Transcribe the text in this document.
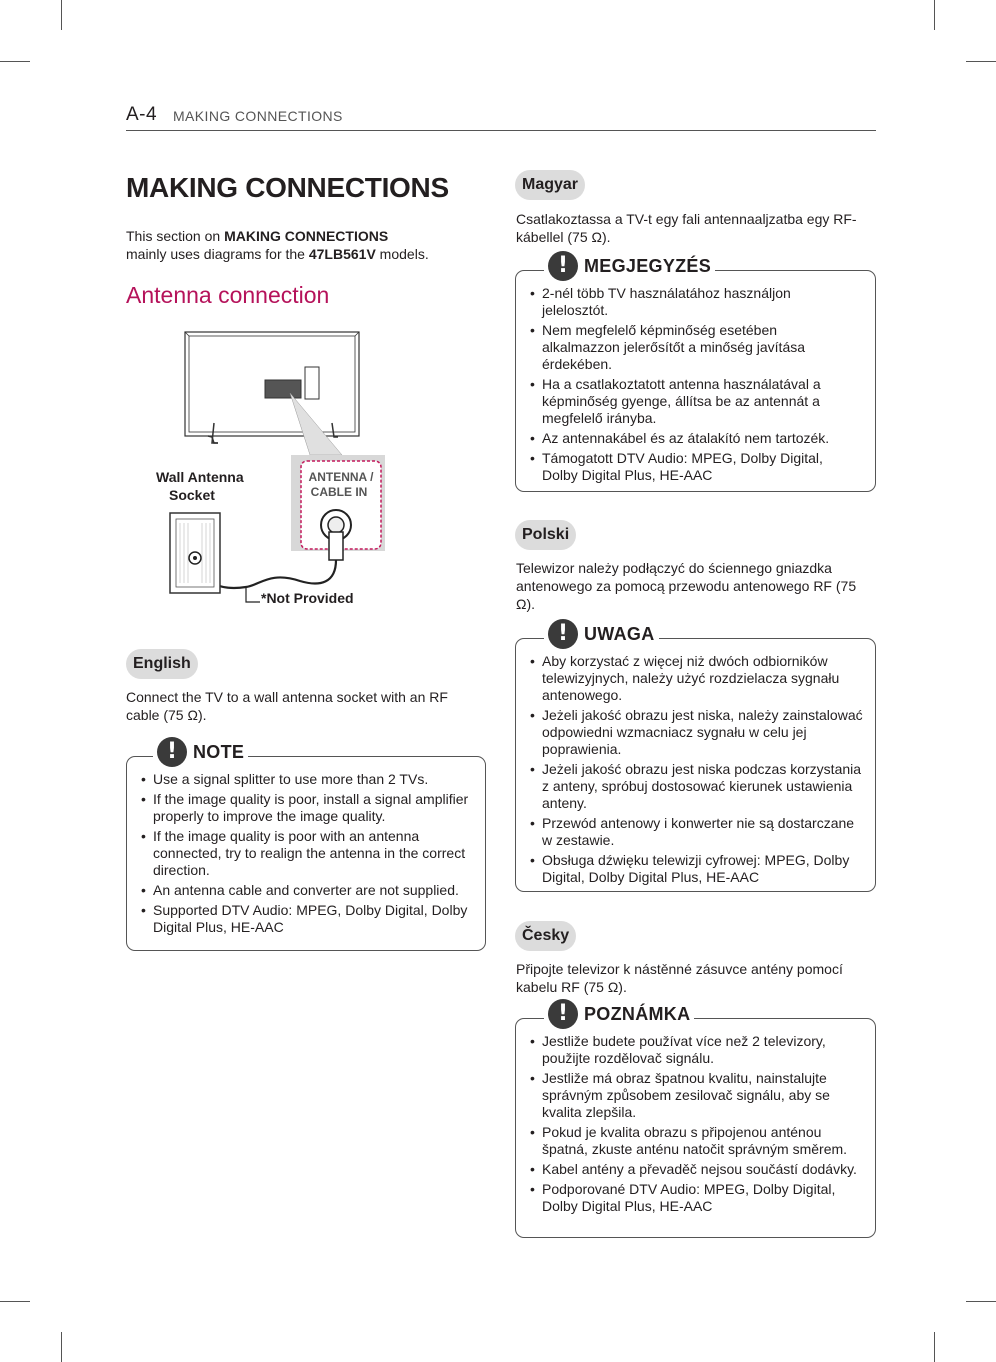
A-4 MAKING CONNECTIONS
MAKING CONNECTIONS
This section on MAKING CONNECTIONS
mainly uses diagrams for the 47LB561V models.
Antenna connection
ANTENNA /
CABLE IN
Wall Antenna
Socket
*Not Provided
English
Connect the TV to a wall antenna socket with an RF cable (75 Ω).
! NOTE
• Use a signal splitter to use more than 2 TVs.
• If the image quality is poor, install a signal amplifier properly to improve the image quality.
• If the image quality is poor with an antenna connected, try to realign the antenna in the correct direction.
• An antenna cable and converter are not supplied.
• Supported DTV Audio: MPEG, Dolby Digital, Dolby Digital Plus, HE-AAC
Magyar
Csatlakoztassa a TV-t egy fali antennaaljzatba egy RF-kábellel (75 Ω).
! MEGJEGYZÉS
• 2-nél több TV használatához használjon jelelosztót.
• Nem megfelelő képminőség esetében alkalmazzon jelerősítőt a minőség javítása érdekében.
• Ha a csatlakoztatott antenna használatával a képminőség gyenge, állítsa be az antennát a megfelelő irányba.
• Az antennakábel és az átalakító nem tartozék.
• Támogatott DTV Audio: MPEG, Dolby Digital, Dolby Digital Plus, HE-AAC
Polski
Telewizor należy podłączyć do ściennego gniazdka antenowego za pomocą przewodu antenowego RF (75 Ω).
! UWAGA
• Aby korzystać z więcej niż dwóch odbiorników telewizyjnych, należy użyć rozdzielacza sygnału antenowego.
• Jeżeli jakość obrazu jest niska, należy zainstalować odpowiedni wzmacniacz sygnału w celu jej poprawienia.
• Jeżeli jakość obrazu jest niska podczas korzystania z anteny, spróbuj dostosować kierunek ustawienia anteny.
• Przewód antenowy i konwerter nie są dostarczane w zestawie.
• Obsługa dźwięku telewizji cyfrowej: MPEG, Dolby Digital, Dolby Digital Plus, HE-AAC
Česky
Připojte televizor k nástěnné zásuvce antény pomocí kabelu RF (75 Ω).
! POZNÁMKA
• Jestliže budete používat více než 2 televizory, použijte rozdělovač signálu.
• Jestliže má obraz špatnou kvalitu, nainstalujte správným způsobem zesilovač signálu, aby se kvalita zlepšila.
• Pokud je kvalita obrazu s připojenou anténou špatná, zkuste anténu natočit správným směrem.
• Kabel antény a převaděč nejsou součástí dodávky.
• Podporované DTV Audio: MPEG, Dolby Digital, Dolby Digital Plus, HE-AAC
